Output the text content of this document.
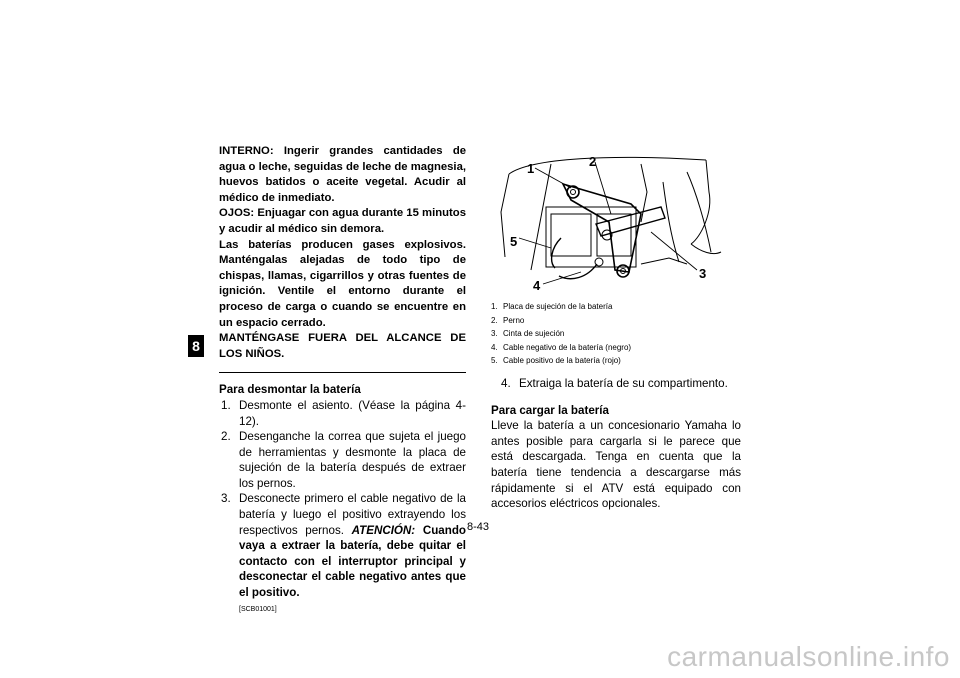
8

INTERNO: Ingerir grandes cantidades de agua o leche, seguidas de leche de magnesia, huevos batidos o aceite vegetal. Acudir al médico de inmediato.

OJOS: Enjuagar con agua durante 15 minutos y acudir al médico sin demora.

Las baterías producen gases explosivos. Manténgalas alejadas de todo tipo de chispas, llamas, cigarrillos y otras fuentes de ignición. Ventile el entorno durante el proceso de carga o cuando se encuentre en un espacio cerrado.

MANTÉNGASE FUERA DEL ALCANCE DE LOS NIÑOS.

Para desmontar la batería
1. Desmonte el asiento. (Véase la página 4-12).
2. Desenganche la correa que sujeta el juego de herramientas y desmonte la placa de sujeción de la batería después de extraer los pernos.
3. Desconecte primero el cable negativo de la batería y luego el positivo extrayendo los respectivos pernos. ATENCIÓN: Cuando vaya a extraer la batería, debe quitar el contacto con el interruptor principal y desconectar el cable negativo antes que el positivo.
[SCB01001]
1	2
3
4
5
1. Placa de sujeción de la batería
2. Perno
3. Cinta de sujeción
4. Cable negativo de la batería (negro)
5. Cable positivo de la batería (rojo)
4. Extraiga la batería de su compartimento.
Para cargar la batería

Lleve la batería a un concesionario Yamaha lo antes posible para cargarla si le parece que está descargada. Tenga en cuenta que la batería tiene tendencia a descargarse más rápidamente si el ATV está equipado con accesorios eléctricos opcionales.

8-43
carmanualsonline.info
